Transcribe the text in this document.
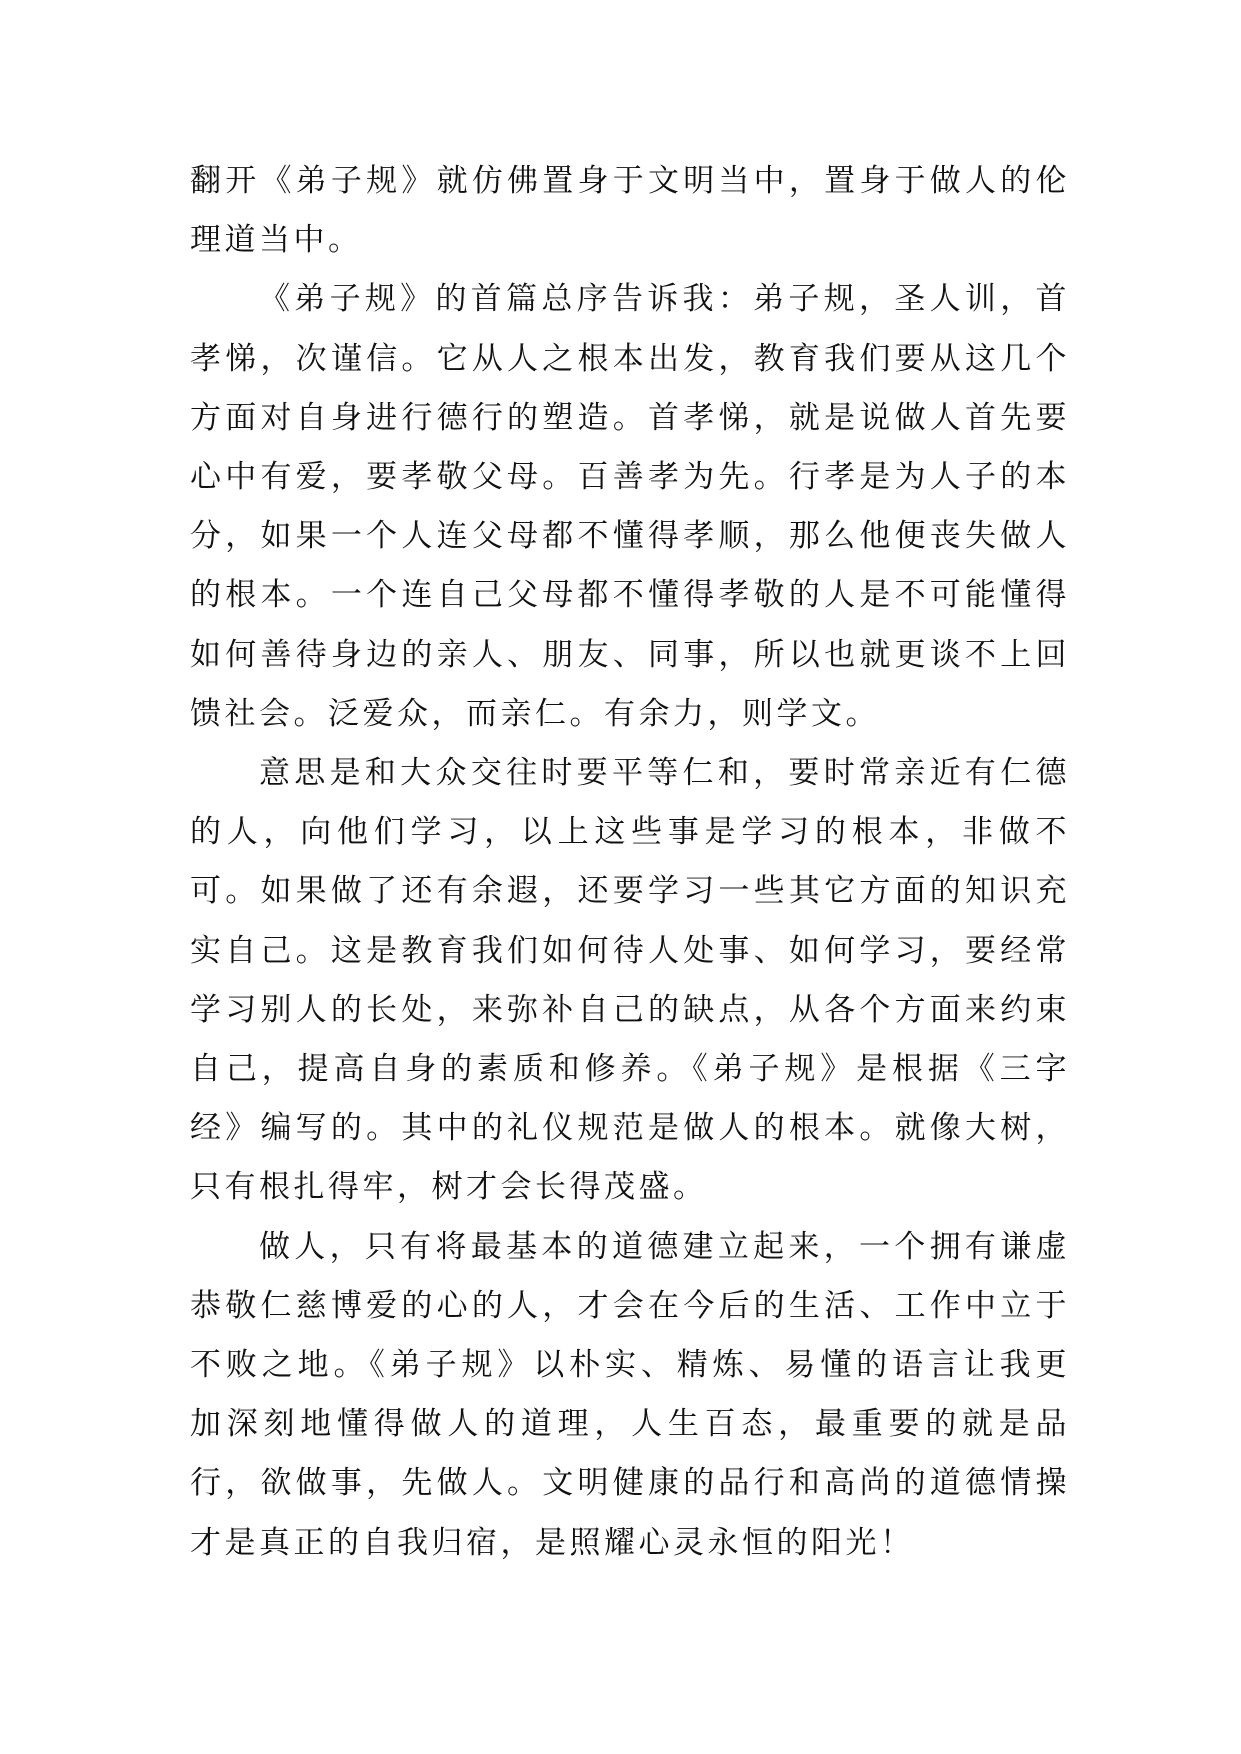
翻开《弟子规》就仿佛置身于文明当中，置身于做人的伦理道当中。

《弟子规》的首篇总序告诉我：弟子规，圣人训，首孝悌，次谨信。它从人之根本出发，教育我们要从这几个方面对自身进行德行的塑造。首孝悌，就是说做人首先要心中有爱，要孝敬父母。百善孝为先。行孝是为人子的本分，如果一个人连父母都不懂得孝顺，那么他便丧失做人的根本。一个连自己父母都不懂得孝敬的人是不可能懂得如何善待身边的亲人、朋友、同事，所以也就更谈不上回馈社会。泛爱众，而亲仁。有余力，则学文。

意思是和大众交往时要平等仁和，要时常亲近有仁德的人，向他们学习，以上这些事是学习的根本，非做不可。如果做了还有余遐，还要学习一些其它方面的知识充实自己。这是教育我们如何待人处事、如何学习，要经常学习别人的长处，来弥补自己的缺点，从各个方面来约束自己，提高自身的素质和修养。《弟子规》是根据《三字经》编写的。其中的礼仪规范是做人的根本。就像大树，只有根扎得牢，树才会长得茂盛。

做人，只有将最基本的道德建立起来，一个拥有谦虚恭敬仁慈博爱的心的人，才会在今后的生活、工作中立于不败之地。《弟子规》以朴实、精炼、易懂的语言让我更加深刻地懂得做人的道理，人生百态，最重要的就是品行，欲做事，先做人。文明健康的品行和高尚的道德情操才是真正的自我归宿，是照耀心灵永恒的阳光！
